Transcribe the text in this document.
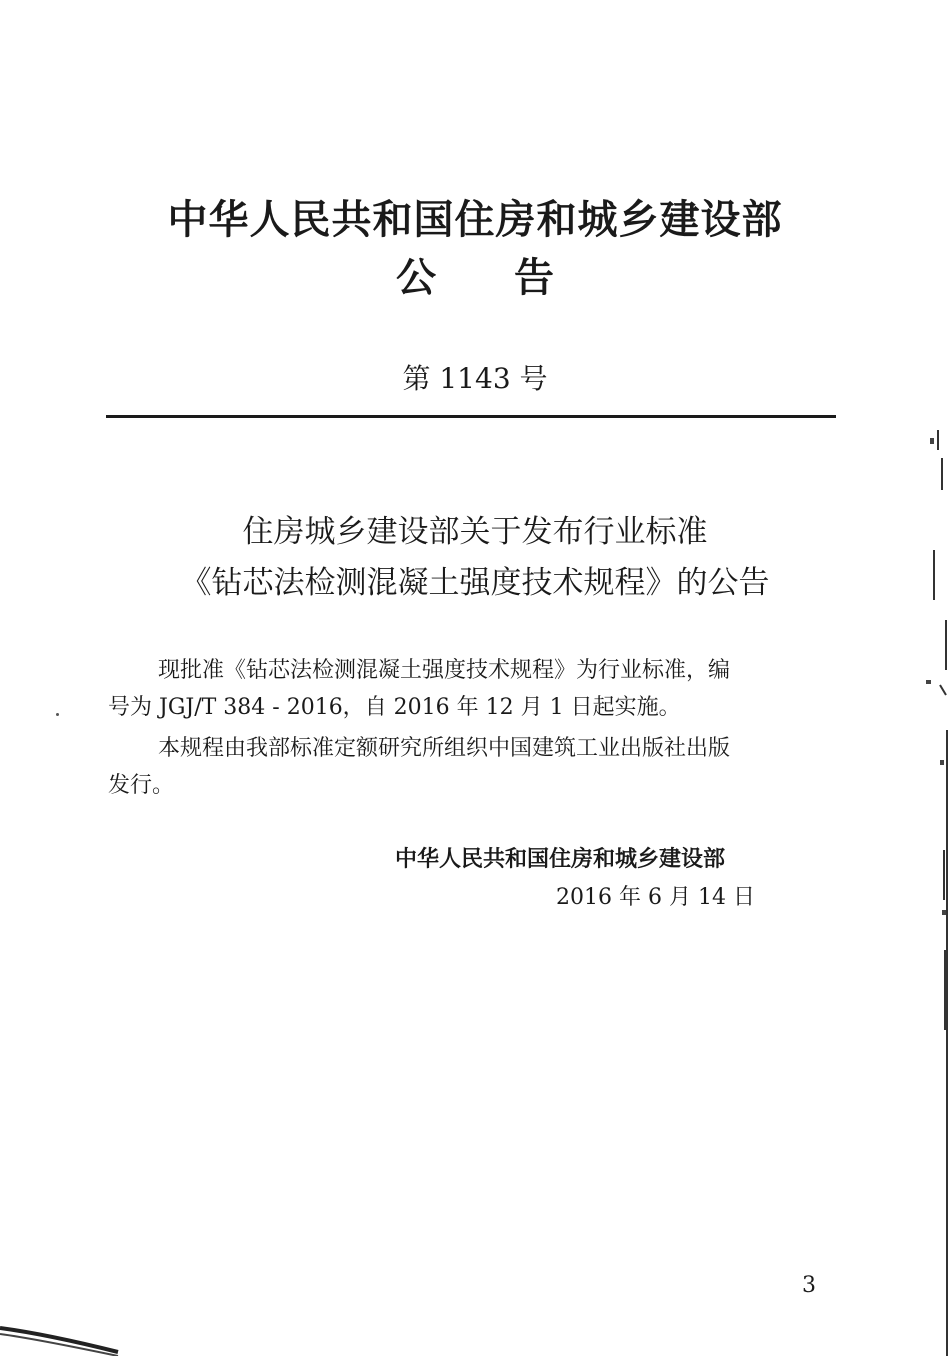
中华人民共和国住房和城乡建设部
公告
第 1143 号
住房城乡建设部关于发布行业标准
《钻芯法检测混凝土强度技术规程》的公告
现批准《钻芯法检测混凝土强度技术规程》为行业标准，编
号为 JGJ/T 384 - 2016，自 2016 年 12 月 1 日起实施。
本规程由我部标准定额研究所组织中国建筑工业出版社出版
发行。
中华人民共和国住房和城乡建设部
2016 年 6 月 14 日
3
